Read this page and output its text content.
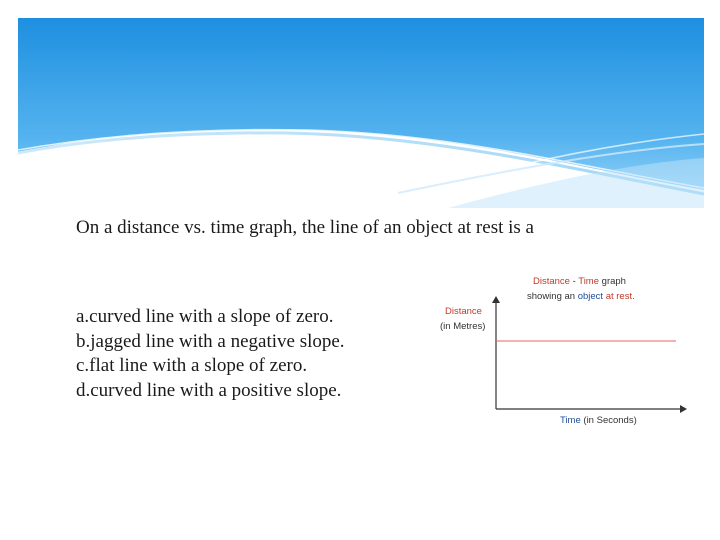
On a distance vs. time graph, the line of an object at rest is a
a.curved line with a slope of zero.
b.jagged line with a negative slope.
c.flat line with a slope of zero.
d.curved line with a positive slope.
Distance - Time graph
showing an object at rest.
Distance
(in Metres)
Time (in Seconds)
